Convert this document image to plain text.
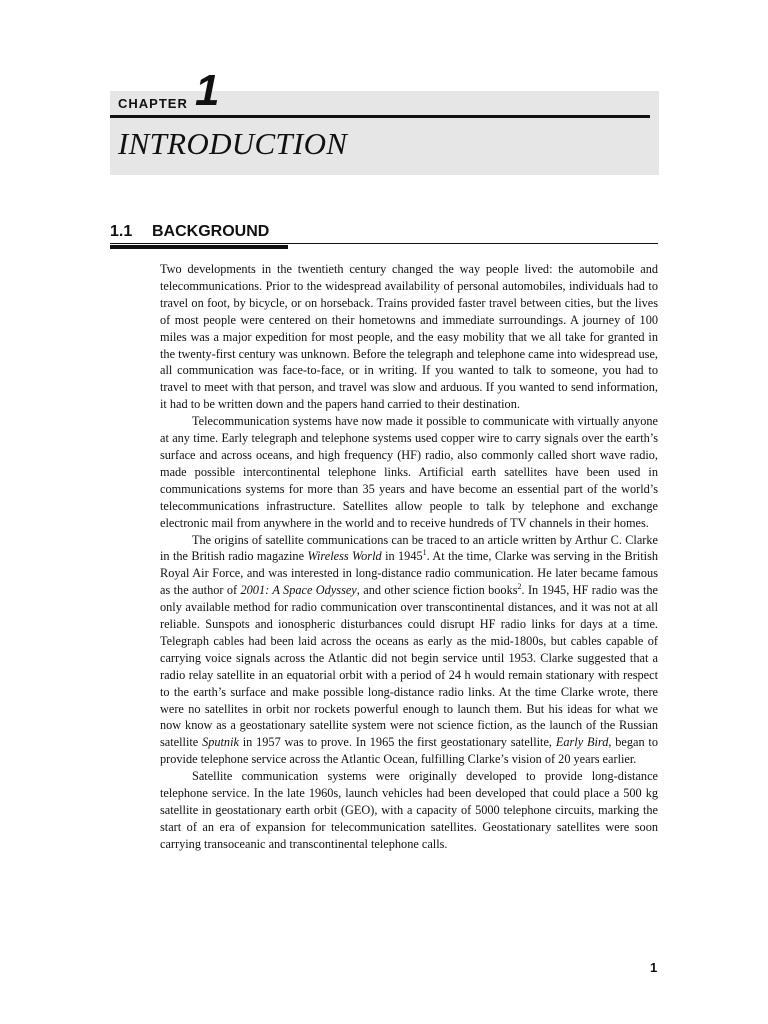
CHAPTER 1
INTRODUCTION
1.1 BACKGROUND

Two developments in the twentieth century changed the way people lived: the automobile and telecommunications. Prior to the widespread availability of personal automobiles, individuals had to travel on foot, by bicycle, or on horseback. Trains provided faster travel between cities, but the lives of most people were centered on their hometowns and immediate surroundings. A journey of 100 miles was a major expedition for most people, and the easy mobility that we all take for granted in the twenty-first century was unknown. Before the telegraph and telephone came into widespread use, all communication was face-to-face, or in writing. If you wanted to talk to someone, you had to travel to meet with that person, and travel was slow and arduous. If you wanted to send information, it had to be written down and the papers hand carried to their destination.

Telecommunication systems have now made it possible to communicate with virtually anyone at any time. Early telegraph and telephone systems used copper wire to carry signals over the earth’s surface and across oceans, and high frequency (HF) radio, also commonly called short wave radio, made possible intercontinental telephone links. Artificial earth satellites have been used in communications systems for more than 35 years and have become an essential part of the world’s telecommunications infrastructure. Satellites allow people to talk by telephone and exchange electronic mail from anywhere in the world and to receive hundreds of TV channels in their homes.

The origins of satellite communications can be traced to an article written by Arthur C. Clarke in the British radio magazine Wireless World in 1945$^1$. At the time, Clarke was serving in the British Royal Air Force, and was interested in long-distance radio communication. He later became famous as the author of 2001: A Space Odyssey, and other science fiction books$^2$. In 1945, HF radio was the only available method for radio communication over transcontinental distances, and it was not at all reliable. Sunspots and ionospheric disturbances could disrupt HF radio links for days at a time. Telegraph cables had been laid across the oceans as early as the mid-1800s, but cables capable of carrying voice signals across the Atlantic did not begin service until 1953. Clarke suggested that a radio relay satellite in an equatorial orbit with a period of 24 h would remain stationary with respect to the earth’s surface and make possible long-distance radio links. At the time Clarke wrote, there were no satellites in orbit nor rockets powerful enough to launch them. But his ideas for what we now know as a geostationary satellite system were not science fiction, as the launch of the Russian satellite Sputnik in 1957 was to prove. In 1965 the first geostationary satellite, Early Bird, began to provide telephone service across the Atlantic Ocean, fulfilling Clarke’s vision of 20 years earlier.

Satellite communication systems were originally developed to provide long-distance telephone service. In the late 1960s, launch vehicles had been developed that could place a 500 kg satellite in geostationary earth orbit (GEO), with a capacity of 5000 telephone circuits, marking the start of an era of expansion for telecommunication satellites. Geostationary satellites were soon carrying transoceanic and transcontinental telephone calls.

1
